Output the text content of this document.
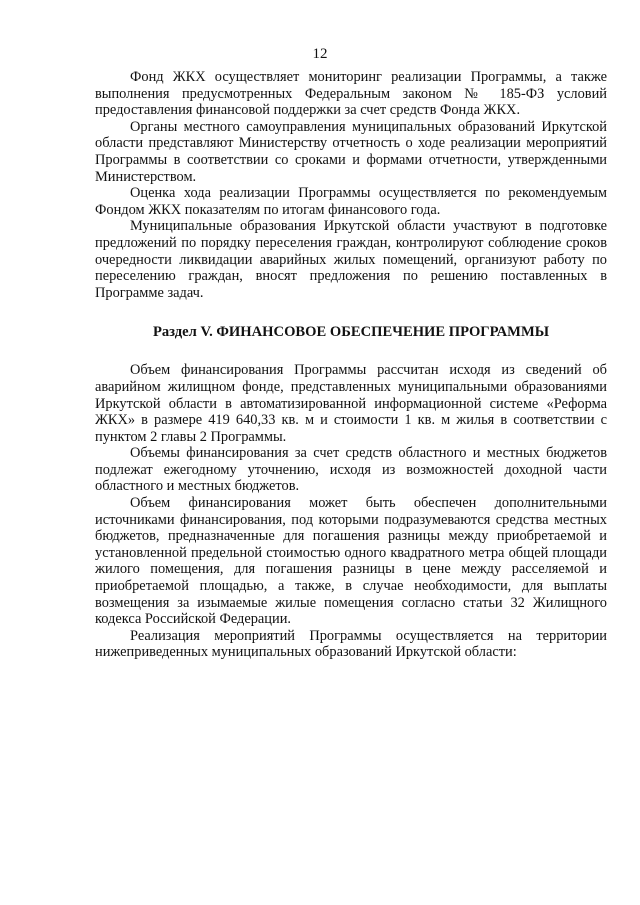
12

Фонд ЖКХ осуществляет мониторинг реализации Программы, а также выполнения предусмотренных Федеральным законом № 185-ФЗ условий предоставления финансовой поддержки за счет средств Фонда ЖКХ.

Органы местного самоуправления муниципальных образований Иркутской области представляют Министерству отчетность о ходе реализации мероприятий Программы в соответствии со сроками и формами отчетности, утвержденными Министерством.

Оценка хода реализации Программы осуществляется по рекомендуемым Фондом ЖКХ показателям по итогам финансового года.

Муниципальные образования Иркутской области участвуют в подготовке предложений по порядку переселения граждан, контролируют соблюдение сроков очередности ликвидации аварийных жилых помещений, организуют работу по переселению граждан, вносят предложения по решению поставленных в Программе задач.

Раздел V. ФИНАНСОВОЕ ОБЕСПЕЧЕНИЕ ПРОГРАММЫ

Объем финансирования Программы рассчитан исходя из сведений об аварийном жилищном фонде, представленных муниципальными образованиями Иркутской области в автоматизированной информационной системе «Реформа ЖКХ» в размере 419 640,33 кв. м и стоимости 1 кв. м жилья в соответствии с пунктом 2 главы 2 Программы.

Объемы финансирования за счет средств областного и местных бюджетов подлежат ежегодному уточнению, исходя из возможностей доходной части областного и местных бюджетов.

Объем финансирования может быть обеспечен дополнительными источниками финансирования, под которыми подразумеваются средства местных бюджетов, предназначенные для погашения разницы между приобретаемой и установленной предельной стоимостью одного квадратного метра общей площади жилого помещения, для погашения разницы в цене между расселяемой и приобретаемой площадью, а также, в случае необходимости, для выплаты возмещения за изымаемые жилые помещения согласно статьи 32 Жилищного кодекса Российской Федерации.

Реализация мероприятий Программы осуществляется на территории нижеприведенных муниципальных образований Иркутской области:
